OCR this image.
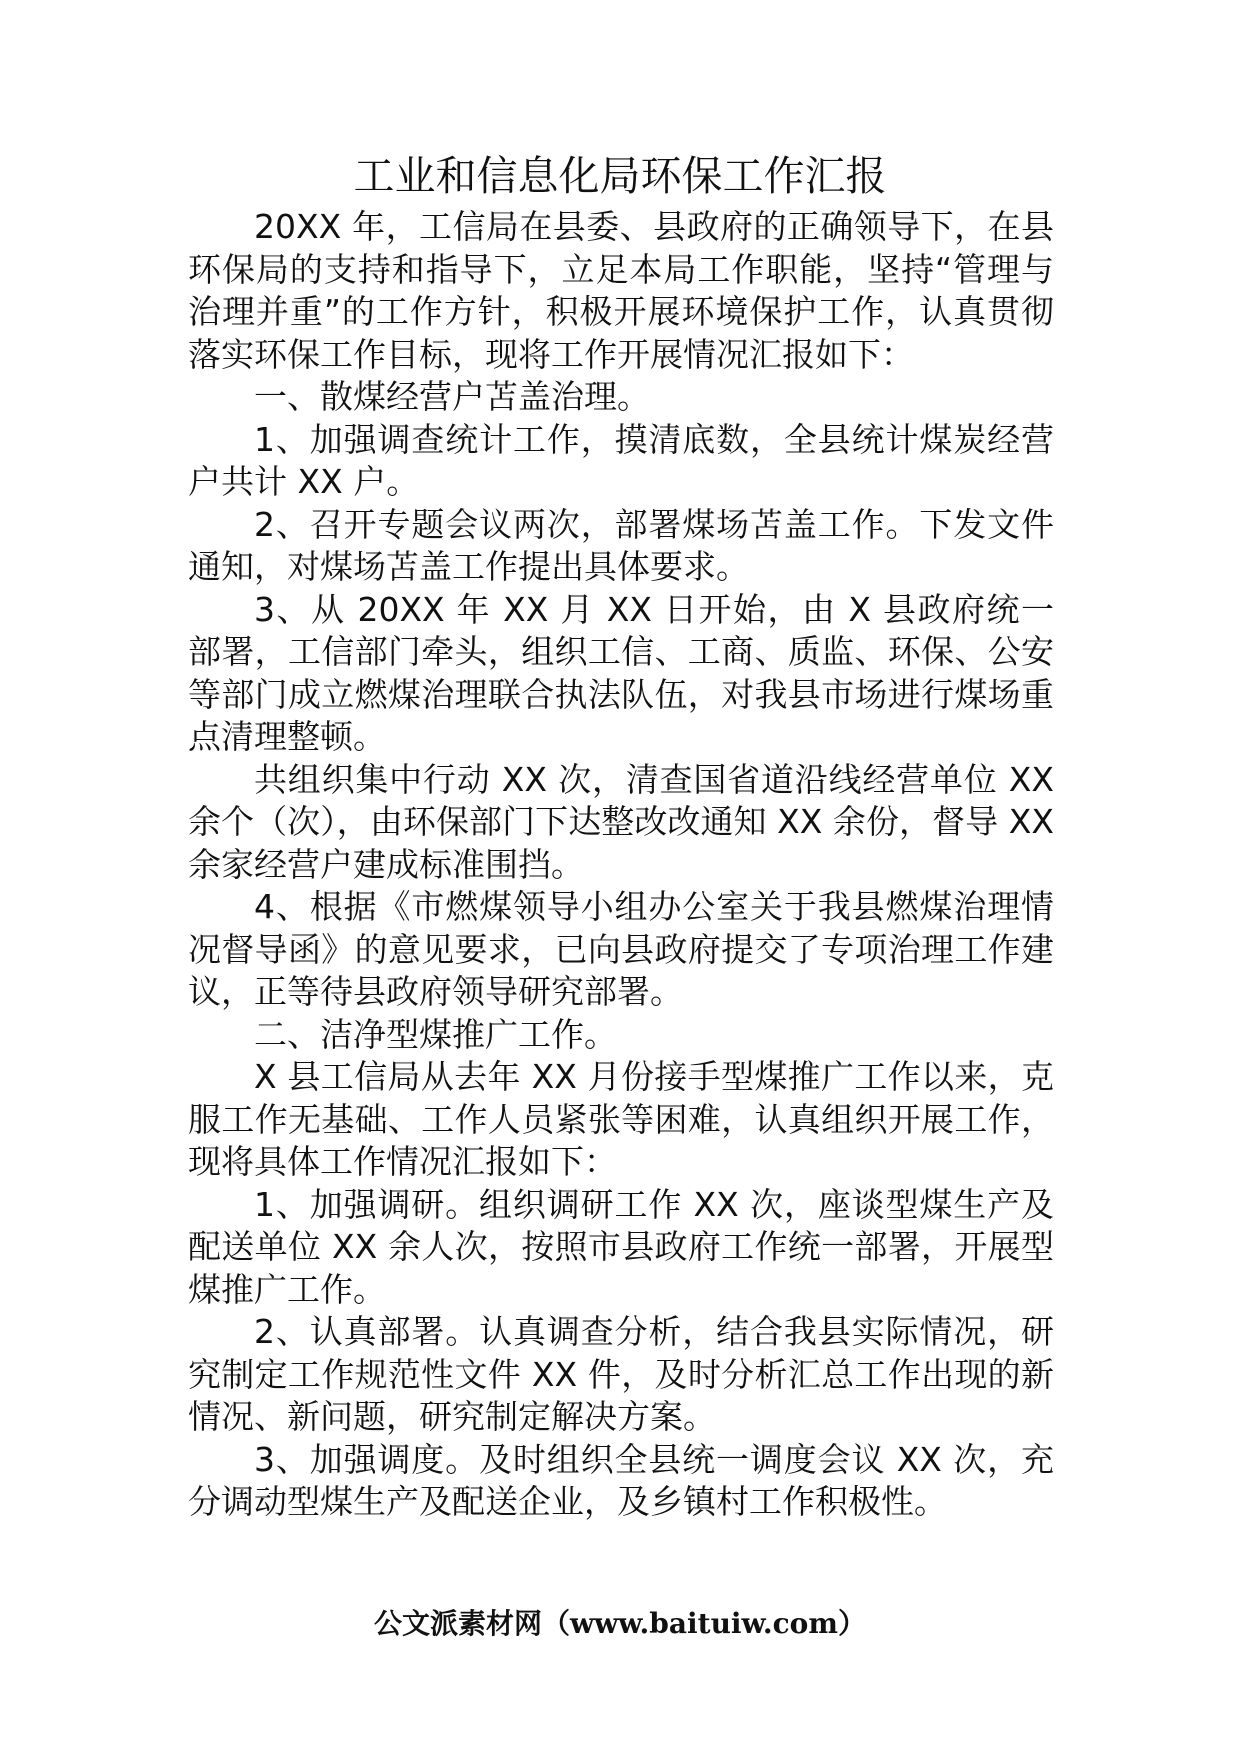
工业和信息化局环保工作汇报

20XX 年，工信局在县委、县政府的正确领导下，在县环保局的支持和指导下，立足本局工作职能，坚持“管理与治理并重”的工作方针，积极开展环境保护工作，认真贯彻落实环保工作目标，现将工作开展情况汇报如下：

一、散煤经营户苫盖治理。

1、加强调查统计工作，摸清底数，全县统计煤炭经营户共计 XX 户。

2、召开专题会议两次，部署煤场苫盖工作。下发文件通知，对煤场苫盖工作提出具体要求。

3、从 20XX 年 XX 月 XX 日开始，由 X 县政府统一部署，工信部门牵头，组织工信、工商、质监、环保、公安等部门成立燃煤治理联合执法队伍，对我县市场进行煤场重点清理整顿。

共组织集中行动 XX 次，清查国省道沿线经营单位 XX 余个（次），由环保部门下达整改改通知 XX 余份，督导 XX 余家经营户建成标准围挡。

4、根据《市燃煤领导小组办公室关于我县燃煤治理情况督导函》的意见要求，已向县政府提交了专项治理工作建议，正等待县政府领导研究部署。

二、洁净型煤推广工作。

X 县工信局从去年 XX 月份接手型煤推广工作以来，克服工作无基础、工作人员紧张等困难，认真组织开展工作，现将具体工作情况汇报如下：

1、加强调研。组织调研工作 XX 次，座谈型煤生产及配送单位 XX 余人次，按照市县政府工作统一部署，开展型煤推广工作。

2、认真部署。认真调查分析，结合我县实际情况，研究制定工作规范性文件 XX 件，及时分析汇总工作出现的新情况、新问题，研究制定解决方案。

3、加强调度。及时组织全县统一调度会议 XX 次，充分调动型煤生产及配送企业，及乡镇村工作积极性。

公文派素材网（www.baituiw.com）
